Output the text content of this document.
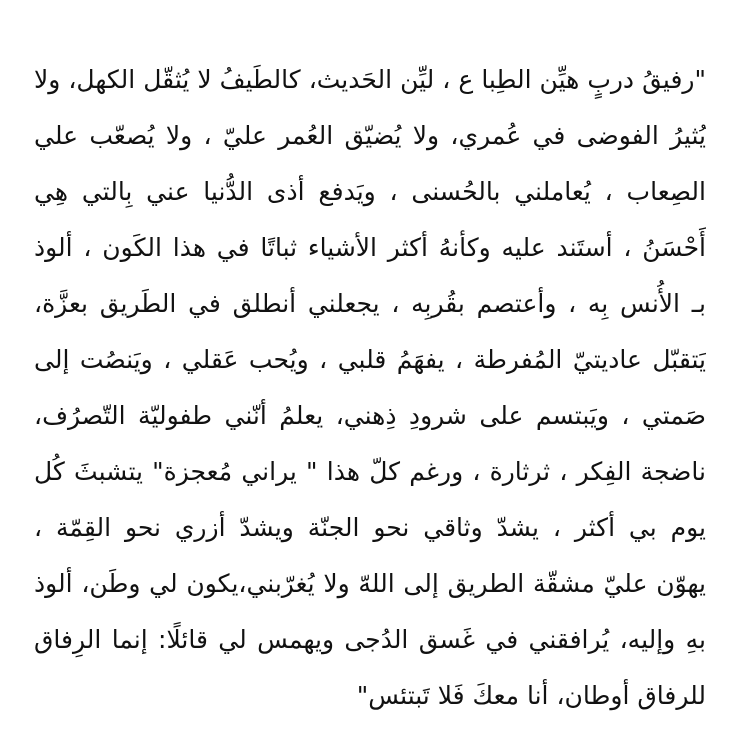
"رفيقُ دربٍ هيِّن الطِبا ع ، ليِّن الحَديث، كالطَيفُ لا يُثقّل الكهل، ولا
يُثيرُ الفوضى في عُمري، ولا يُضيّق العُمر عليّ ، ولا يُصعّب علي
الصِعاب ، يُعاملني بالحُسنى ، ويَدفع أذى الدُّنيا عني بِالتي هِي
أَحْسَنُ ، أستَند عليه وكأنهُ أكثر الأشياء ثباتًا في هذا الكَون ، ألوذ
بـ الأُنس بِه ، وأعتصم بقُربِه ، يجعلني أنطلق في الطَريق بعزَّة،
يَتقبّل عاديتيّ المُفرطة ، يفهَمُ قلبي ، ويُحب عَقلي ، ويَنصُت إلى
صَمتي ، ويَبتسم على شرودِ ذِهني، يعلمُ أنّني طفوليّة التّصرُف،
ناضجة الفِكر ، ثرثارة ، ورغم كلّ هذا " يراني مُعجزة" يتشبثَ كُل
يوم بي أكثر ، يشدّ وثاقي نحو الجنّة ويشدّ أزري نحو القِمّة ،
يهوّن عليّ مشقّة الطريق إلى اللهّ ولا يُغرّبني،يكون لي وطَن، ألوذ
بهِ وإليه، يُرافقني في غَسق الدُجى ويهمس لي قائلًا: إنما الرِفاق
للرفاق أوطان، أنا معكَ فَلا تَبتئس"
